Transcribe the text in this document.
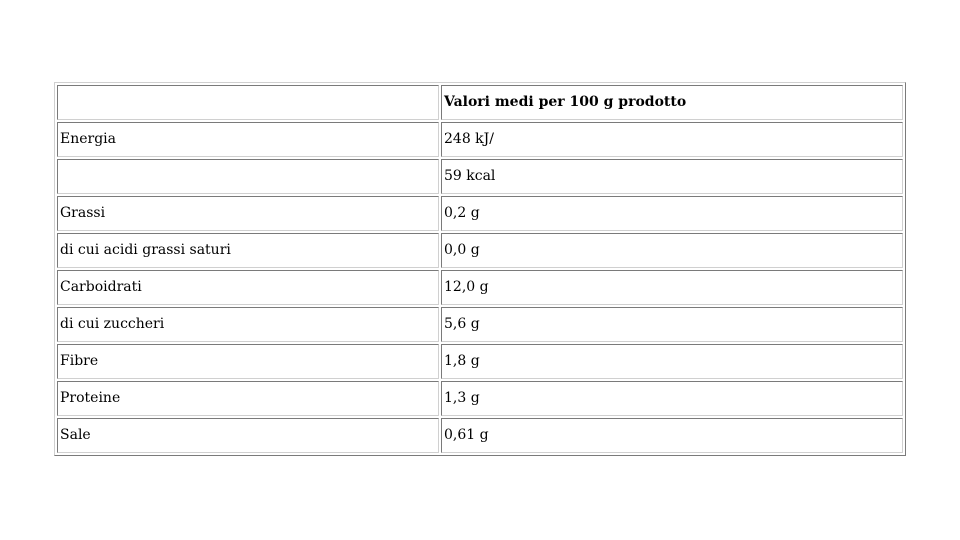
	Valori medi per 100 g prodotto
Energia	248 kJ/
	59 kcal
Grassi	0,2 g
di cui acidi grassi saturi	0,0 g
Carboidrati	12,0 g
di cui zuccheri	5,6 g
Fibre	1,8 g
Proteine	1,3 g
Sale	0,61 g
